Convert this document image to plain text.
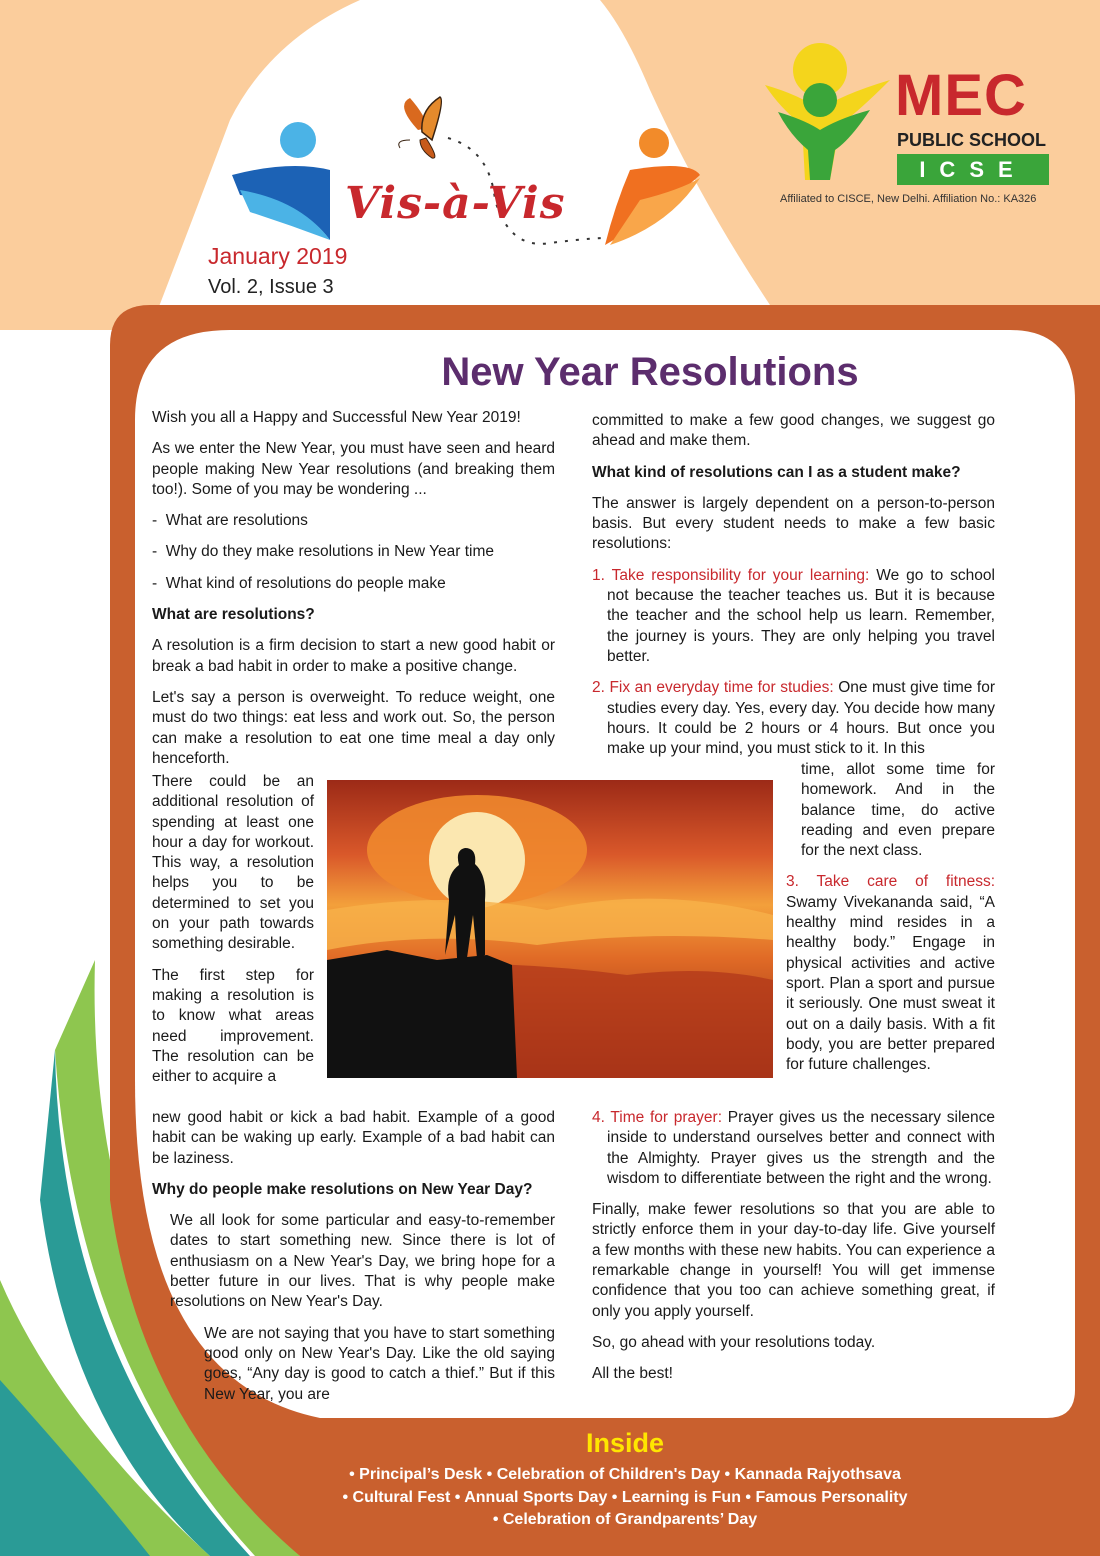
Vis-à-Vis
January 2019
Vol. 2, Issue 3
MEC
PUBLIC SCHOOL
ICSE
Affiliated to CISCE, New Delhi. Affiliation No.: KA326
New Year Resolutions

Wish you all a Happy and Successful New Year 2019!

As we enter the New Year, you must have seen and heard people making New Year resolutions (and breaking them too!). Some of you may be wondering ...

-  What are resolutions

-  Why do they make resolutions in New Year time

-  What kind of resolutions do people make

What are resolutions?

A resolution is a firm decision to start a new good habit or break a bad habit in order to make a positive change.

Let's say a person is overweight. To reduce weight, one must do two things: eat less and work out. So, the person can make a resolution to eat one time meal a day only henceforth.

There could be an additional resolution of spending at least one hour a day for workout. This way, a resolution helps you to be determined to set you on your path towards something desirable.

The first step for making a resolution is to know what areas need improvement. The resolution can be either to acquire a

new good habit or kick a bad habit. Example of a good habit can be waking up early. Example of a bad habit can be laziness.

Why do people make resolutions on New Year Day?

We all look for some particular and easy-to-remember dates to start something new. Since there is lot of enthusiasm on a New Year's Day, we bring hope for a better future in our lives. That is why people make resolutions on New Year's Day.

We are not saying that you have to start something good only on New Year's Day. Like the old saying goes, “Any day is good to catch a thief.” But if this New Year, you are

committed to make a few good changes, we suggest go ahead and make them.

What kind of resolutions can I as a student make?

The answer is largely dependent on a person-to-person basis. But every student needs to make a few basic resolutions:

1. Take responsibility for your learning: We go to school not because the teacher teaches us. But it is because the teacher and the school help us learn. Remember, the journey is yours. They are only helping you travel better.

2. Fix an everyday time for studies: One must give time for studies every day. Yes, every day. You decide how many hours. It could be 2 hours or 4 hours. But once you make up your mind, you must stick to it. In this

time, allot some time for homework. And in the balance time, do active reading and even prepare for the next class.

3. Take care of fitness: Swamy Vivekananda said, “A healthy mind resides in a healthy body.” Engage in physical activities and active sport. Plan a sport and pursue it seriously. One must sweat it out on a daily basis. With a fit body, you are better prepared for future challenges.

4. Time for prayer: Prayer gives us the necessary silence inside to understand ourselves better and connect with the Almighty. Prayer gives us the strength and the wisdom to differentiate between the right and the wrong.

Finally, make fewer resolutions so that you are able to strictly enforce them in your day-to-day life. Give yourself a few months with these new habits. You can experience a remarkable change in yourself! You will get immense confidence that you too can achieve something great, if only you apply yourself.

So, go ahead with your resolutions today.

All the best!

Inside
• Principal’s Desk • Celebration of Children's Day • Kannada Rajyothsava
• Cultural Fest • Annual Sports Day • Learning is Fun • Famous Personality
• Celebration of Grandparents’ Day
